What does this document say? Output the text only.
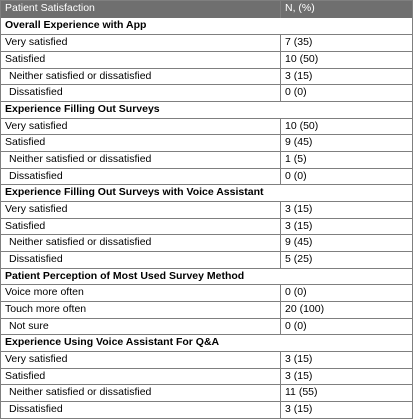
Patient Satisfaction	N, (%)
Overall Experience with App
Very satisfied	7 (35)
Satisfied	10 (50)
Neither satisfied or dissatisfied	3 (15)
Dissatisfied	0 (0)
Experience Filling Out Surveys
Very satisfied	10 (50)
Satisfied	9 (45)
Neither satisfied or dissatisfied	1 (5)
Dissatisfied	0 (0)
Experience Filling Out Surveys with Voice Assistant
Very satisfied	3 (15)
Satisfied	3 (15)
Neither satisfied or dissatisfied	9 (45)
Dissatisfied	5 (25)
Patient Perception of Most Used Survey Method
Voice more often	0 (0)
Touch more often	20 (100)
Not sure	0 (0)
Experience Using Voice Assistant For Q&A
Very satisfied	3 (15)
Satisfied	3 (15)
Neither satisfied or dissatisfied	11 (55)
Dissatisfied	3 (15)
